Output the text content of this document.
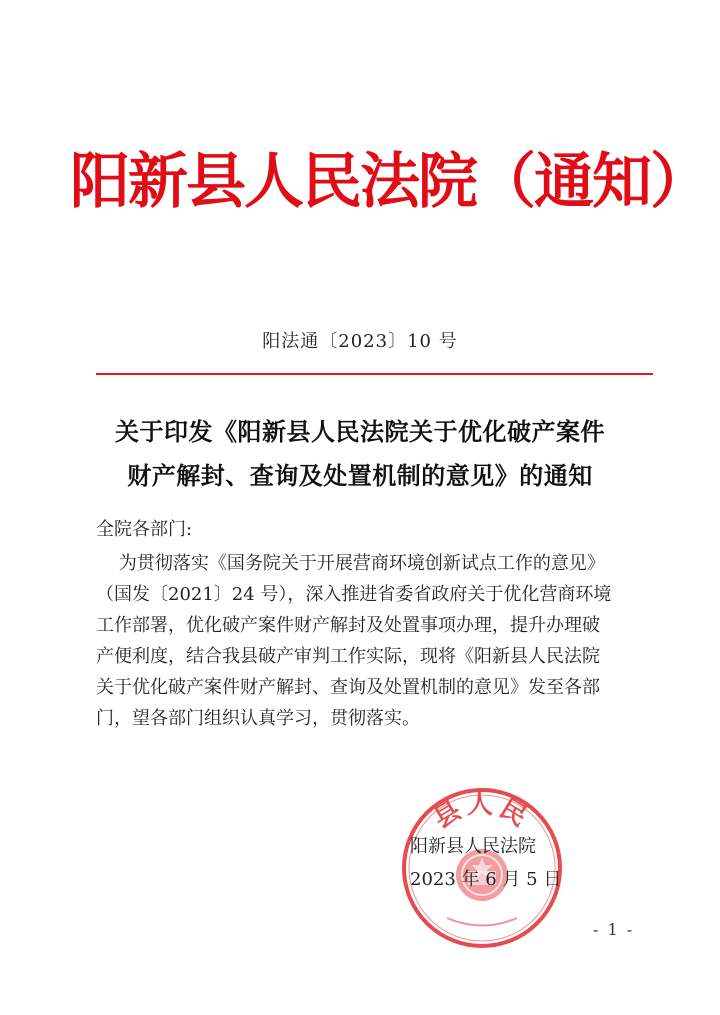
阳新县人民法院（通知）
阳法通〔2023〕10 号
关于印发《阳新县人民法院关于优化破产案件
财产解封、查询及处置机制的意见》的通知
全院各部门:
为贯彻落实《国务院关于开展营商环境创新试点工作的意见》
（国发〔2021〕24 号），深入推进省委省政府关于优化营商环境
工作部署，优化破产案件财产解封及处置事项办理，提升办理破
产便利度，结合我县破产审判工作实际，现将《阳新县人民法院
关于优化破产案件财产解封、查询及处置机制的意见》发至各部
门，望各部门组织认真学习，贯彻落实。
县人民
阳新县人民法院
2023 年 6 月 5 日
- 1 -
